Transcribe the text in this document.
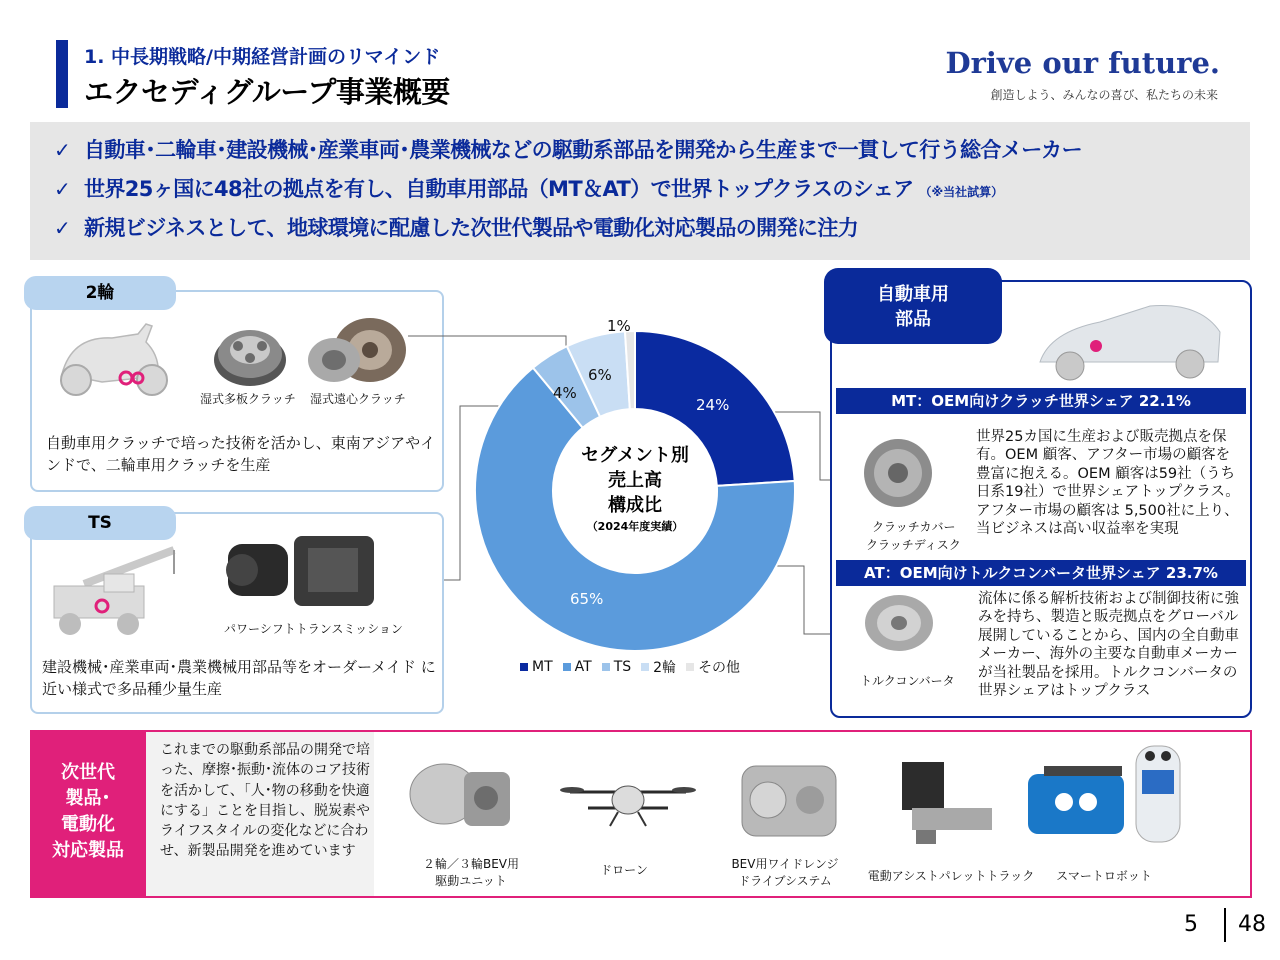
1. 中長期戦略/中期経営計画のリマインド
エクセディグループ事業概要
Drive our future.
創造しよう、みんなの喜び、私たちの未来
✓ 自動車･二輪車･建設機械･産業車両･農業機械などの駆動系部品を開発から生産まで一貫して行う総合メーカー
✓ 世界25ヶ国に48社の拠点を有し、自動車用部品（MT＆AT）で世界トップクラスのシェア （※当社試算）
✓ 新規ビジネスとして、地球環境に配慮した次世代製品や電動化対応製品の開発に注力
2輪
湿式多板クラッチ 湿式遠心クラッチ
自動車用クラッチで培った技術を活かし、東南アジアやインドで、二輪車用クラッチを生産
TS
パワーシフトトランスミッション
建設機械･産業車両･農業機械用部品等をオーダーメイド に近い様式で多品種少量生産
セグメント別
売上高
構成比
（2024年度実績）
24%
65%
4%
6%
1%
MT AT TS 2輪 その他
自動車用
部品
MT：OEM向けクラッチ世界シェア 22.1%
クラッチカバー
クラッチディスク
世界25カ国に生産および販売拠点を保有。OEM 顧客、アフター市場の顧客を豊富に抱える。OEM 顧客は59社（うち日系19社）で世界シェアトップクラス。アフター市場の顧客は 5,500社に上り、当ビジネスは高い収益率を実現
AT：OEM向けトルクコンバータ世界シェア 23.7%
トルクコンバータ
流体に係る解析技術および制御技術に強みを持ち、製造と販売拠点をグローバル展開していることから、国内の全自動車メーカー、海外の主要な自動車メーカーが当社製品を採用。トルクコンバータの世界シェアはトップクラス
次世代
製品･
電動化
対応製品
これまでの駆動系部品の開発で培った、摩擦･振動･流体のコア技術を活かして、「人･物の移動を快適にする」ことを目指し、脱炭素やライフスタイルの変化などに合わせ、新製品開発を進めています
２輪／３輪BEV用
駆動ユニット
ドローン	BEV用ワイドレンジ
ドライブシステム	電動アシストパレットトラック スマートロボット
5 48
